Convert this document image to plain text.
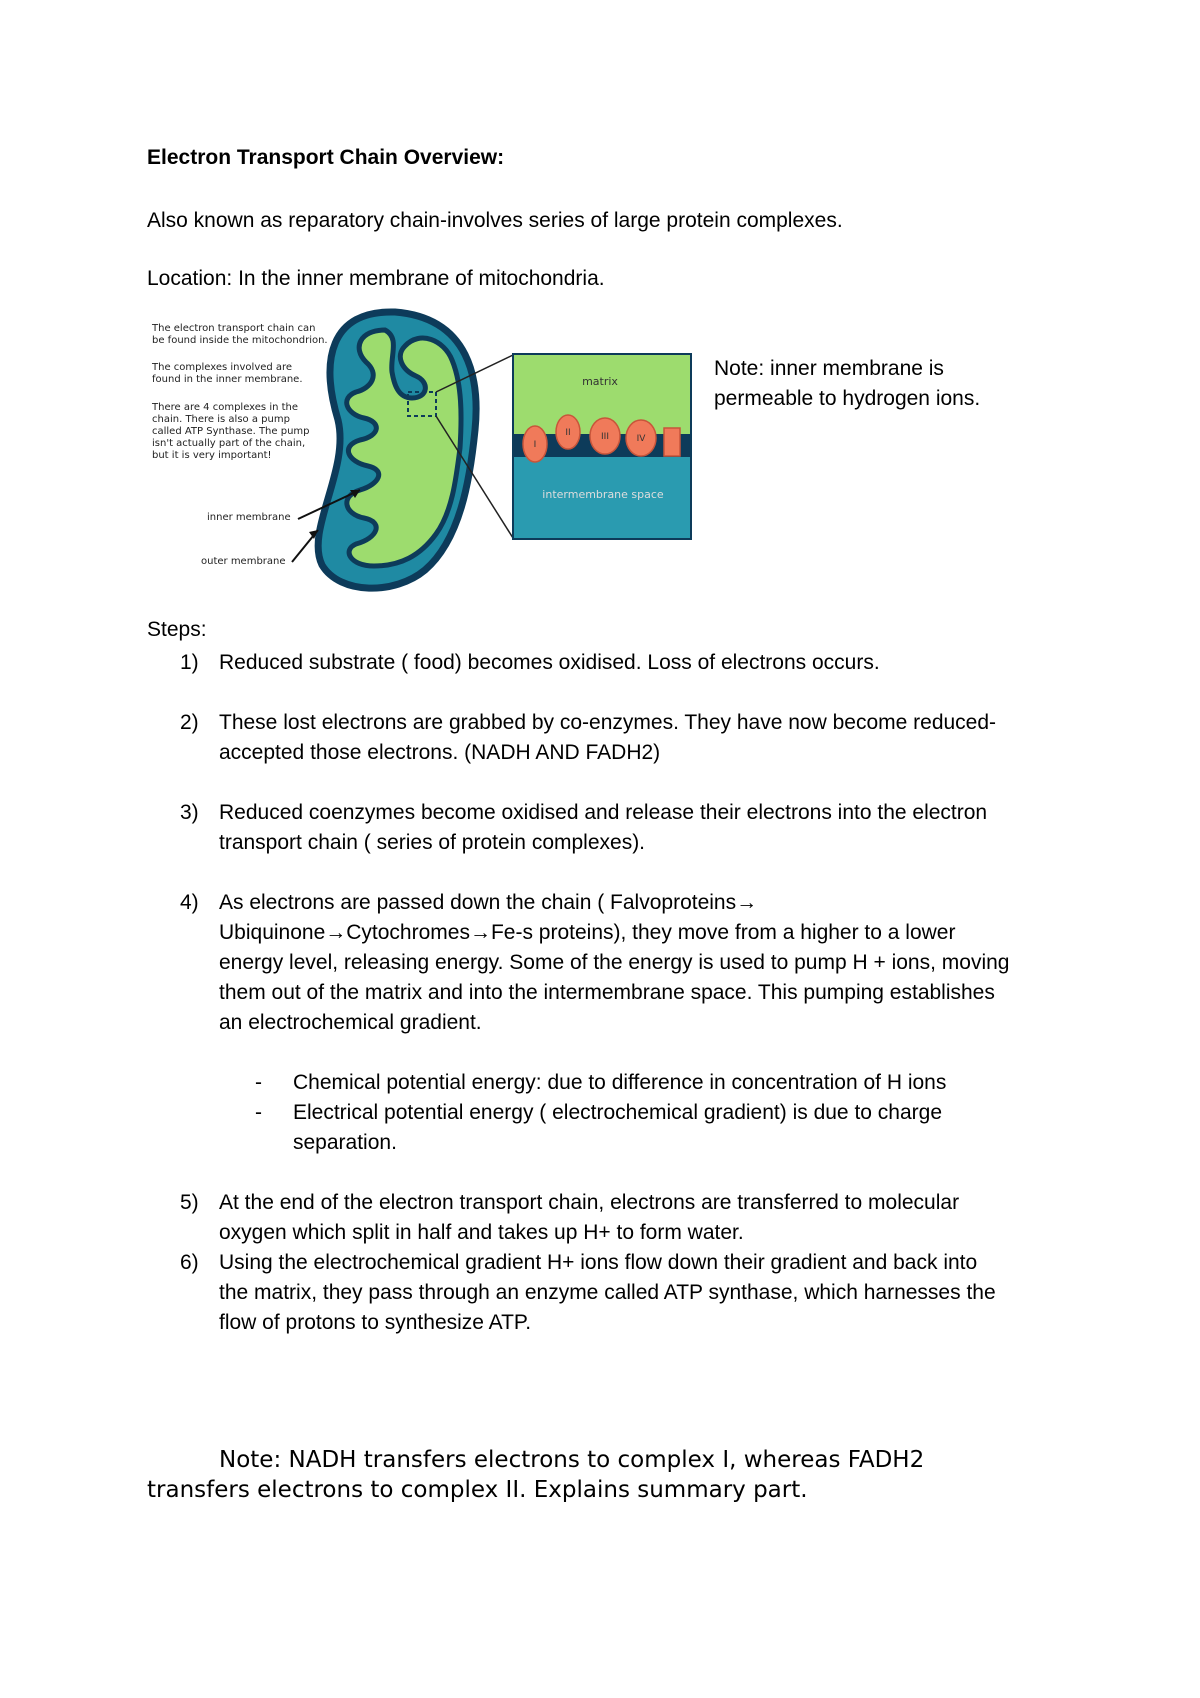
Electron Transport Chain Overview:
Also known as reparatory chain-involves series of large protein complexes.
Location: In the inner membrane of mitochondria.
The electron transport chain can
be found inside the mitochondrion.
The complexes involved are
found in the inner membrane.
There are 4 complexes in the
chain. There is also a pump
called ATP Synthase. The pump
isn't actually part of the chain,
but it is very important!
inner membrane
outer membrane
matrix
intermembrane space
I
II	III	IV
Note: inner membrane is
permeable to hydrogen ions.
Steps:
1) Reduced substrate ( food) becomes oxidised. Loss of electrons occurs.
2) These lost electrons are grabbed by co-enzymes. They have now become reduced-
accepted those electrons. (NADH AND FADH2)
3) Reduced coenzymes become oxidised and release their electrons into the electron
transport chain ( series of protein complexes).
4) As electrons are passed down the chain ( Falvoproteins→
Ubiquinone→Cytochromes→Fe-s proteins), they move from a higher to a lower
energy level, releasing energy. Some of the energy is used to pump H + ions, moving
them out of the matrix and into the intermembrane space. This pumping establishes
an electrochemical gradient.
- Chemical potential energy: due to difference in concentration of H ions
- Electrical potential energy ( electrochemical gradient) is due to charge
separation.
5) At the end of the electron transport chain, electrons are transferred to molecular
oxygen which split in half and takes up H+ to form water.
6) Using the electrochemical gradient H+ ions flow down their gradient and back into
the matrix, they pass through an enzyme called ATP synthase, which harnesses the
flow of protons to synthesize ATP.
Note: NADH transfers electrons to complex I, whereas FADH2
transfers electrons to complex II. Explains summary part.
